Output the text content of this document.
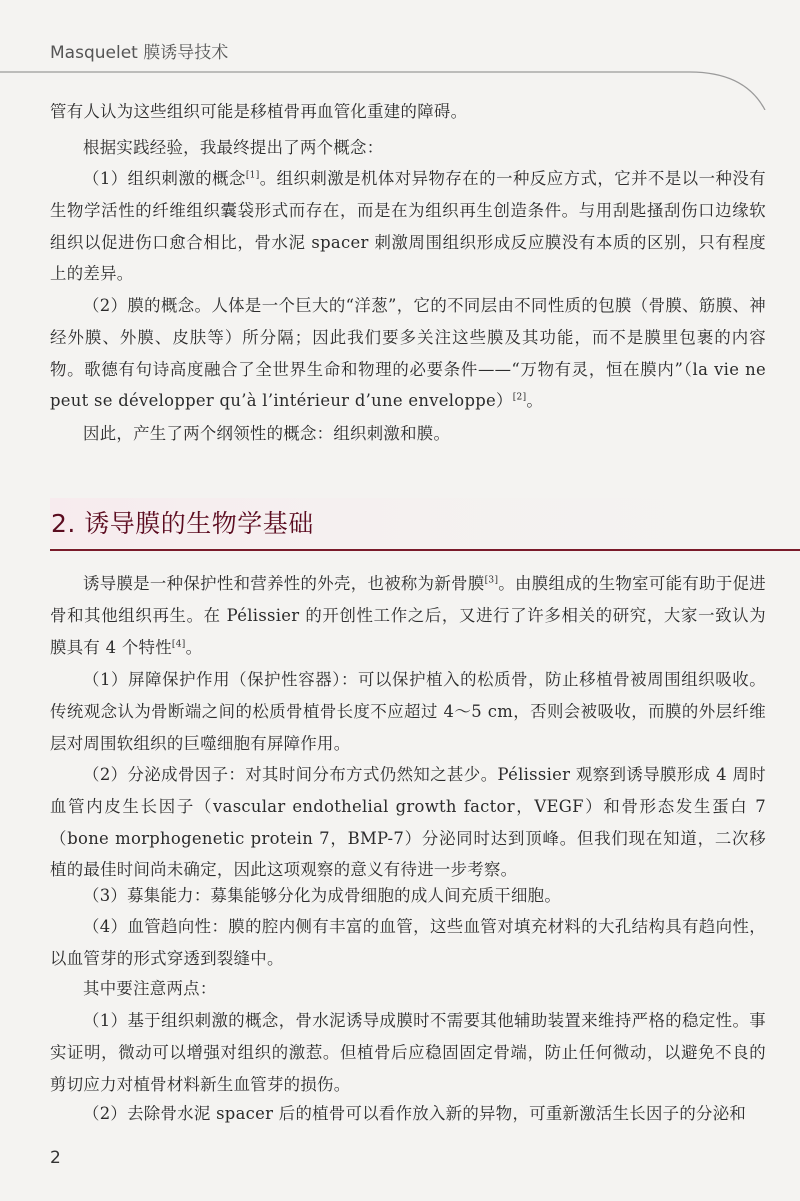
Masquelet 膜诱导技术

管有人认为这些组织可能是移植骨再血管化重建的障碍。

根据实践经验，我最终提出了两个概念：

（1）组织刺激的概念[1]。组织刺激是机体对异物存在的一种反应方式，它并不是以一种没有生物学活性的纤维组织囊袋形式而存在，而是在为组织再生创造条件。与用刮匙搔刮伤口边缘软组织以促进伤口愈合相比，骨水泥 spacer 刺激周围组织形成反应膜没有本质的区别，只有程度上的差异。

（2）膜的概念。人体是一个巨大的“洋葱”，它的不同层由不同性质的包膜（骨膜、筋膜、神经外膜、外膜、皮肤等）所分隔；因此我们要多关注这些膜及其功能，而不是膜里包裹的内容物。歌德有句诗高度融合了全世界生命和物理的必要条件——“万物有灵，恒在膜内”（la vie ne peut se développer qu’à l’intérieur d’une enveloppe）[2]。

因此，产生了两个纲领性的概念：组织刺激和膜。

2. 诱导膜的生物学基础

诱导膜是一种保护性和营养性的外壳，也被称为新骨膜[3]。由膜组成的生物室可能有助于促进骨和其他组织再生。在 Pélissier 的开创性工作之后，又进行了许多相关的研究，大家一致认为膜具有 4 个特性[4]。

（1）屏障保护作用（保护性容器）：可以保护植入的松质骨，防止移植骨被周围组织吸收。传统观念认为骨断端之间的松质骨植骨长度不应超过 4～5 cm，否则会被吸收，而膜的外层纤维层对周围软组织的巨噬细胞有屏障作用。

（2）分泌成骨因子：对其时间分布方式仍然知之甚少。Pélissier 观察到诱导膜形成 4 周时血管内皮生长因子（vascular endothelial growth factor，VEGF）和骨形态发生蛋白 7（bone morphogenetic protein 7，BMP-7）分泌同时达到顶峰。但我们现在知道，二次移植的最佳时间尚未确定，因此这项观察的意义有待进一步考察。

（3）募集能力：募集能够分化为成骨细胞的成人间充质干细胞。

（4）血管趋向性：膜的腔内侧有丰富的血管，这些血管对填充材料的大孔结构具有趋向性，以血管芽的形式穿透到裂缝中。

其中要注意两点：

（1）基于组织刺激的概念，骨水泥诱导成膜时不需要其他辅助装置来维持严格的稳定性。事实证明，微动可以增强对组织的激惹。但植骨后应稳固固定骨端，防止任何微动，以避免不良的剪切应力对植骨材料新生血管芽的损伤。

（2）去除骨水泥 spacer 后的植骨可以看作放入新的异物，可重新激活生长因子的分泌和

2
